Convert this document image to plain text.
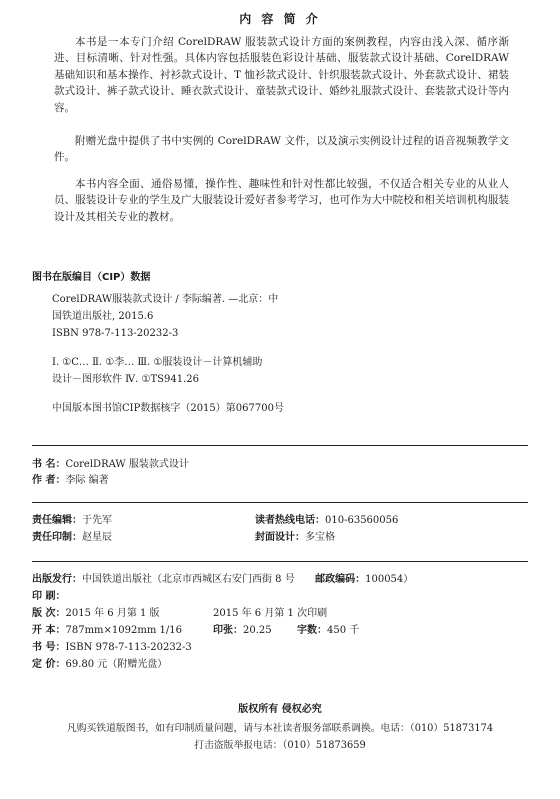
内 容 简 介
本书是一本专门介绍 CorelDRAW 服装款式设计方面的案例教程，内容由浅入深、循序渐进、目标清晰、针对性强。具体内容包括服装色彩设计基础、服装款式设计基础、CorelDRAW 基础知识和基本操作、衬衫款式设计、T 恤衫款式设计、针织服装款式设计、外套款式设计、裙装款式设计、裤子款式设计、睡衣款式设计、童装款式设计、婚纱礼服款式设计、套装款式设计等内容。
附赠光盘中提供了书中实例的 CorelDRAW 文件，以及演示实例设计过程的语音视频教学文件。
本书内容全面、通俗易懂，操作性、趣味性和针对性都比较强，不仅适合相关专业的从业人员、服装设计专业的学生及广大服装设计爱好者参考学习，也可作为大中院校和相关培训机构服装设计及其相关专业的教材。
图书在版编目（CIP）数据
CorelDRAW服装款式设计 / 李际编著. —北京：中
国铁道出版社, 2015.6
ISBN 978-7-113-20232-3
Ⅰ. ①C… Ⅱ. ①李… Ⅲ. ①服装设计－计算机辅助
设计－图形软件 Ⅳ. ①TS941.26
中国版本图书馆CIP数据核字（2015）第067700号
书 名：CorelDRAW 服装款式设计
作 者：李际 编著
责任编辑：于先军	读者热线电话：010-63560056
责任印制：赵星辰	封面设计：多宝格
出版发行：中国铁道出版社（北京市西城区右安门西街 8 号 邮政编码：100054）
印 刷：
版 次：2015 年 6 月第 1 版	2015 年 6 月第 1 次印刷
开 本：787mm×1092mm 1/16	印张：20.25	字数：450 千
书 号：ISBN 978-7-113-20232-3
定 价：69.80 元（附赠光盘）
版权所有 侵权必究
凡购买铁道版图书，如有印制质量问题，请与本社读者服务部联系调换。电话：（010）51873174
打击盗版举报电话：（010）51873659
